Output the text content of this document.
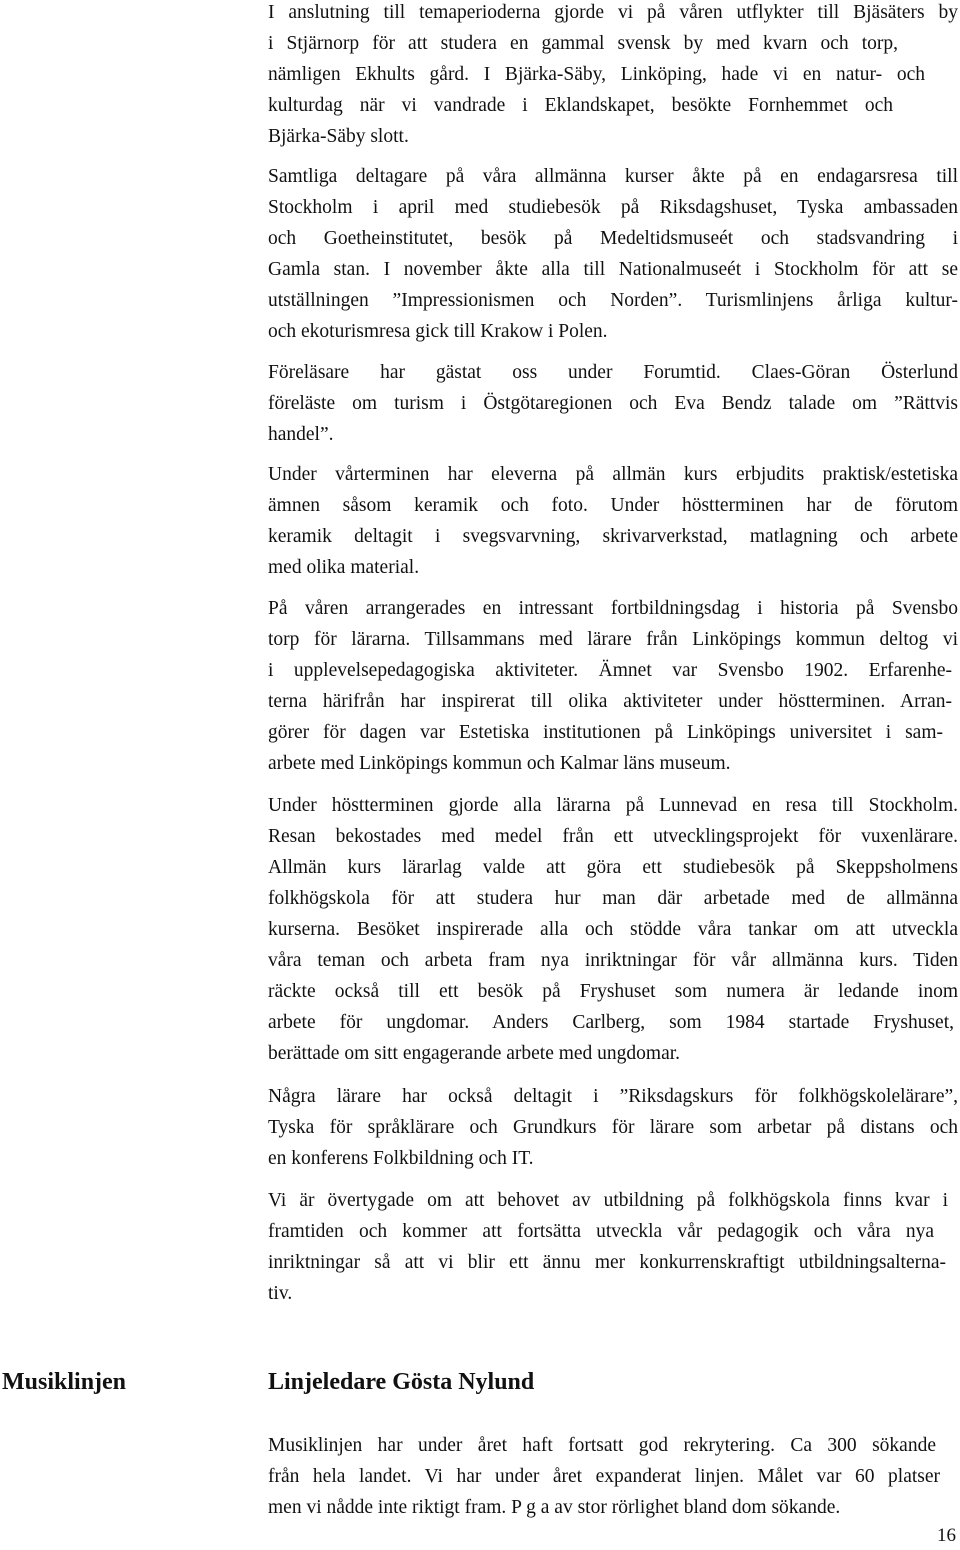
I anslutning till temaperioderna gjorde vi på våren utflykter till Bjäsäters by
i Stjärnorp för att studera en gammal svensk by med kvarn och torp,
nämligen Ekhults gård. I Bjärka-Säby, Linköping, hade vi en natur- och
kulturdag när vi vandrade i Eklandskapet, besökte Fornhemmet och
Bjärka-Säby slott.

Samtliga deltagare på våra allmänna kurser åkte på en endagarsresa till
Stockholm i april med studiebesök på Riksdagshuset, Tyska ambassaden
och Goetheinstitutet, besök på Medeltidsmuseét och stadsvandring i
Gamla stan. I november åkte alla till Nationalmuseét i Stockholm för att se
utställningen ”Impressionismen och Norden”. Turismlinjens årliga kultur-
och ekoturismresa gick till Krakow i Polen.

Föreläsare har gästat oss under Forumtid. Claes-Göran Österlund
föreläste om turism i Östgötaregionen och Eva Bendz talade om ”Rättvis
handel”.

Under vårterminen har eleverna på allmän kurs erbjudits praktisk/estetiska
ämnen såsom keramik och foto. Under höstterminen har de förutom
keramik deltagit i svegsvarvning, skrivarverkstad, matlagning och arbete
med olika material.

På våren arrangerades en intressant fortbildningsdag i historia på Svensbo
torp för lärarna. Tillsammans med lärare från Linköpings kommun deltog vi
i upplevelsepedagogiska aktiviteter. Ämnet var Svensbo 1902. Erfarenhe-
terna härifrån har inspirerat till olika aktiviteter under höstterminen. Arran-
görer för dagen var Estetiska institutionen på Linköpings universitet i sam-
arbete med Linköpings kommun och Kalmar läns museum.

Under höstterminen gjorde alla lärarna på Lunnevad en resa till Stockholm.
Resan bekostades med medel från ett utvecklingsprojekt för vuxenlärare.
Allmän kurs lärarlag valde att göra ett studiebesök på Skeppsholmens
folkhögskola för att studera hur man där arbetade med de allmänna
kurserna. Besöket inspirerade alla och stödde våra tankar om att utveckla
våra teman och arbeta fram nya inriktningar för vår allmänna kurs. Tiden
räckte också till ett besök på Fryshuset som numera är ledande inom
arbete för ungdomar. Anders Carlberg, som 1984 startade Fryshuset,
berättade om sitt engagerande arbete med ungdomar.

Några lärare har också deltagit i ”Riksdagskurs för folkhögskolelärare”,
Tyska för språklärare och Grundkurs för lärare som arbetar på distans och
en konferens Folkbildning och IT.

Vi är övertygade om att behovet av utbildning på folkhögskola finns kvar i
framtiden och kommer att fortsätta utveckla vår pedagogik och våra nya
inriktningar så att vi blir ett ännu mer konkurrenskraftigt utbildningsalterna-
tiv.

Musiklinjen	Linjeledare Gösta Nylund

Musiklinjen har under året haft fortsatt god rekrytering. Ca 300 sökande
från hela landet. Vi har under året expanderat linjen. Målet var 60 platser
men vi nådde inte riktigt fram. P g a av stor rörlighet bland dom sökande.

16
